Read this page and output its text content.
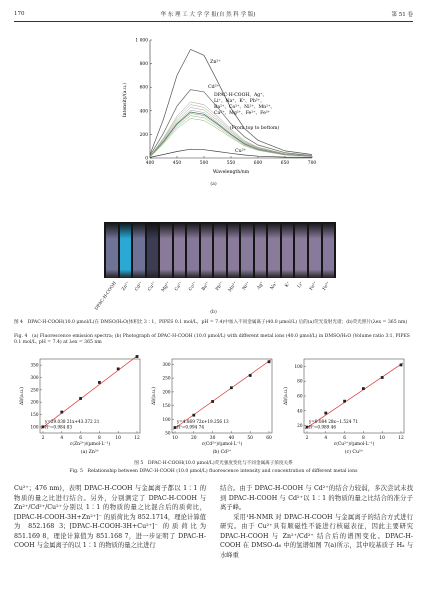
170	华 东 理 工 大 学 学 报(自 然 科 学 版)	第 51 卷
0
200
400
600
800
1 000
400	450	500	550	600	650	700
Intensity/(a.u.)
Wavelength/nm
Zn²⁺
Cd²⁺
DPAC-H-COOH、Ag⁺、
Li⁺、Na⁺、K⁺、Pb²⁺、
Ba²⁺、Co²⁺、Ni²⁺、Mn²⁺、
Ca²⁺、Mg²⁺、Fe²⁺、Fe³⁺
(From top to bottom)
Cu²⁺
(a)
DPAC-H-COOH Zn²⁺ Cd²⁺ Cu²⁺ Mg²⁺ Ca²⁺ Co²⁺ Ba²⁺ Pb²⁺ Mn²⁺ Ni²⁺ Ag⁺ Na⁺ K⁺ Li⁺ Fe²⁺ Fe³⁺
(b)
图 4　DPAC-H-COOH(10.0 μmol/L)在 DMSO/H₂O(体积比 3∶1，PIPES 0.1 mol/L，pH = 7.4)中加入不同金属离子(40.0 μmol/L) 后的(a)荧光发射光谱；(b)荧光照片(λex = 365 nm)
Fig. 4　(a) Fluorescence emission spectra; (b) Photograph of DPAC-H-COOH (10.0 μmol/L) with different metal ions (40.0 μmol/L) in DMSO/H₂O (Volume ratio 3∶1, PIPES 0.1 mol/L, pH = 7.4) at λex = 365 nm
2	4	6	8	10	12
100
150
200
250
300
350
y=29.038 21x+43.372 21
R²=0.984 83
c(Zn²⁺)/(μmol·L⁻¹)
ΔI/(a.u.)
(a) Zn²⁺
10	20	30	40	50	60
50
100
150
200
250
300
y=4.869 72x+19.256 13
R²=0.994 74
c(Cd²⁺)/(μmol·L⁻¹)
ΔI/(a.u.)
(b) Cd²⁺
2	4	6	8	10	12
20
40
60
80
100
y=0.084 28x−1.524 71
R²=0.989 46
c(Cu²⁺)/(μmol·L⁻¹)
ΔI/(a.u.)
(c) Cu²⁺
图 5　DPAC-H-COOH(10.0 μmol/L)荧光强度变化与不同金属离子浓度关系
Fig. 5　Relationship between DPAC-H-COOH (10.0 μmol/L) fluorescence intensity and concentration of different metal ions
Cu²⁺；476 nm)，表明 DPAC-H-COOH 与金属离子都以 1∶1 的物质的量之比进行结合。另外，分别测定了 DPAC-H-COOH 与 Zn²⁺/Cd²⁺/Cu²⁺分别以 1∶1 的物质的量之比混合后的质荷比，[DPAC-H-COOH-3H+Zn²⁺]⁻ 的质荷比为 852.1714，理论计算值为 852.168 3；[DPAC-H-COOH-3H+Cu²⁺]⁻ 的质荷比为 851.169 8，理论计算值为 851.168 7，进一步证明了 DPAC-H-COOH 与金属离子的以 1∶1 的物质的量之比进行
结合。由于 DPAC-H-COOH 与 Cd²⁺的结合力较弱，多次尝试未找到 DPAC-H-COOH 与 Cd²⁺以 1∶1 的物质的量之比结合的准分子离子峰。
　　采用¹H-NMR 对 DPAC-H-COOH 与金属离子的结合方式进行研究。由于 Cu²⁺具有顺磁性不能进行核磁表征，因此主要研究 DPAC-H-COOH 与 Zn²⁺/Cd²⁺ 结合后的谱图变化。DPAC-H-COOH 在 DMSO-d₆ 中的氢谱如图 7(a)所示，其中咬基质子 Hₐ 与水峰重
